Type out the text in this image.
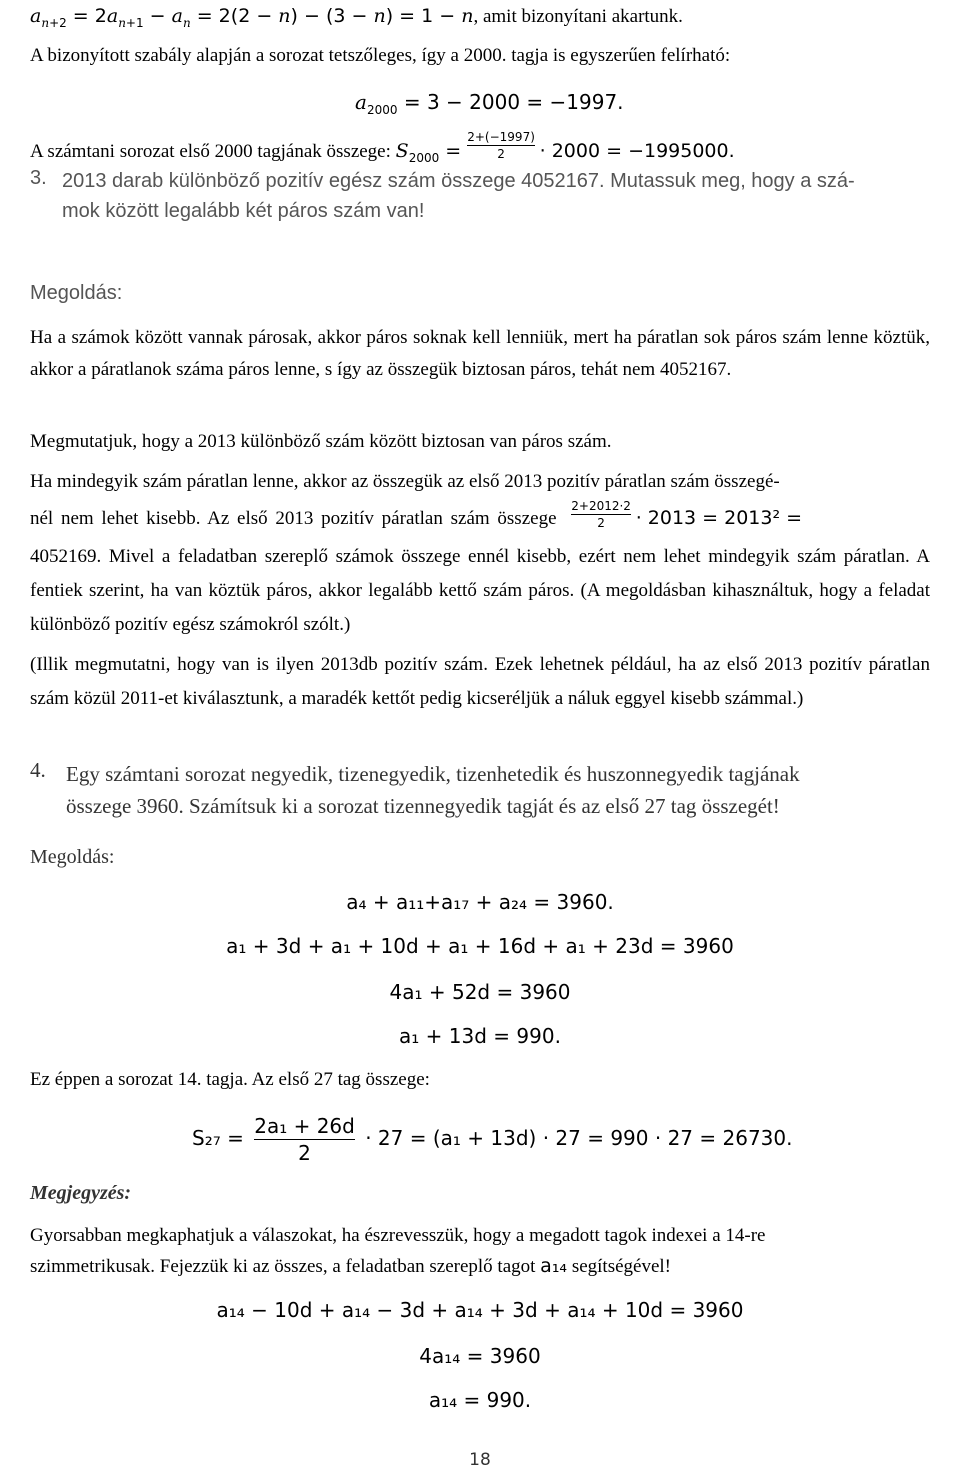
$a_{n+2} = 2a_{n+1} - a_n = 2(2 - n) - (3 - n) = 1 - n$, amit bizonyítani akartunk.
A bizonyított szabály alapján a sorozat tetszőleges, így a 2000. tagja is egyszerűen felírható:
$a_{2000} = 3 - 2000 = -1997$.
A számtani sorozat első 2000 tagjának összege: $S_{2000} = \frac{2+(-1997)}{2} \cdot 2000 = -1995000$.
3. 2013 darab különböző pozitív egész szám összege 4052167. Mutassuk meg, hogy a szá-
mok között legalább két páros szám van!
Megoldás:
Ha a számok között vannak párosak, akkor páros soknak kell lenniük, mert ha páratlan sok páros szám lenne köztük, akkor a páratlanok száma páros lenne, s így az összegük biztosan páros, tehát nem 4052167.
Megmutatjuk, hogy a 2013 különböző szám között biztosan van páros szám.
Ha mindegyik szám páratlan lenne, akkor az összegük az első 2013 pozitív páratlan szám összegé-
nél nem lehet kisebb. Az első 2013 pozitív páratlan szám összege $\frac{2+2012\cdot 2}{2} \cdot 2013 = 2013^2$ =
4052169. Mivel a feladatban szereplő számok összege ennél kisebb, ezért nem lehet mindegyik szám páratlan. A fentiek szerint, ha van köztük páros, akkor legalább kettő szám páros. (A megoldásban kihasználtuk, hogy a feladat különböző pozitív egész számokról szólt.)
(Illik megmutatni, hogy van is ilyen 2013db pozitív szám. Ezek lehetnek például, ha az első 2013 pozitív páratlan szám közül 2011-et kiválasztunk, a maradék kettőt pedig kicseréljük a náluk eggyel kisebb számmal.)
4. Egy számtani sorozat negyedik, tizenegyedik, tizenhetedik és huszonnegyedik tagjának
összege 3960. Számítsuk ki a sorozat tizennegyedik tagját és az első 27 tag összegét!
Megoldás:
a₄ + a₁₁+a₁₇ + a₂₄ = 3960.
a₁ + 3d + a₁ + 10d + a₁ + 16d + a₁ + 23d = 3960
4a₁ + 52d = 3960
a₁ + 13d = 990.
Ez éppen a sorozat 14. tagja. Az első 27 tag összege:
$S_{27} = \frac{\text{2a₁ + 26d}}{2} \cdot 27 = (a_1 + 13d) \cdot 27 = 990 \cdot 27 = 26730$.
Megjegyzés:
Gyorsabban megkaphatjuk a válaszokat, ha észrevesszük, hogy a megadott tagok indexei a 14-re
szimmetrikusak. Fejezzük ki az összes, a feladatban szereplő tagot a₁₄ segítségével!
a₁₄ − 10d + a₁₄ − 3d + a₁₄ + 3d + a₁₄ + 10d = 3960
4a₁₄ = 3960
a₁₄ = 990.
18
